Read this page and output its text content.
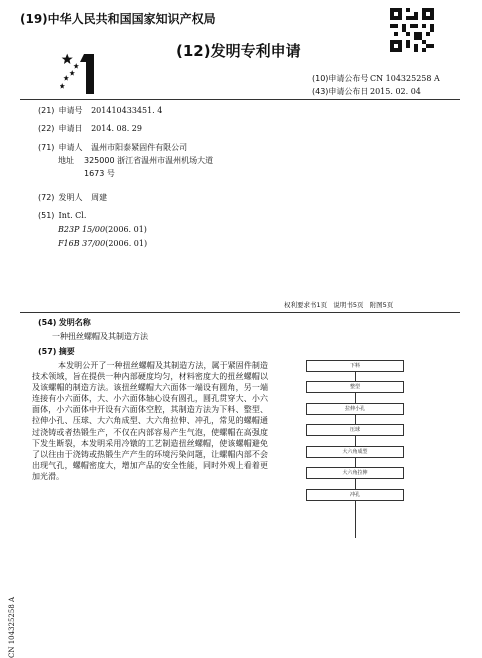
(19)中华人民共和国国家知识产权局
(12)发明专利申请
(10)申请公布号 CN 104325258 A
(43)申请公布日 2015. 02. 04
(21) 申请号 201410433451. 4
(22) 申请日 2014. 08. 29
(71) 申请人 温州市阳泰紧固件有限公司
地址 325000 浙江省温州市温州机场大道
1673 号
(72) 发明人 周建
(51) Int. Cl.
B23P 15/00(2006. 01)
F16B 37/00(2006. 01)
权利要求书1页   说明书5页   附图5页
(54) 发明名称
一种扭丝螺帽及其制造方法
(57) 摘要
本发明公开了一种扭丝螺帽及其制造方法，属于紧固件制造技术领域，旨在提供一种内部硬度均匀，材料密度大的扭丝螺帽以及该螺帽的制造方法。该扭丝螺帽大六面体一端设有圆角，另一端连接有小六面体，大、小六面体轴心设有圆孔，圆孔贯穿大、小六面体，小六面体中开设有六面体空腔，其制造方法为下料、整型、拉伸小孔、压球、大六角成型、大六角拉伸、冲孔，常见的螺帽通过浇铸或者热锻生产，不仅在内部容易产生气泡，使螺帽在高强度下发生断裂，本发明采用冷镦的工艺制造扭丝螺帽，使该螺帽避免了以往由于浇铸或热锻生产产生的环境污染问题，让螺帽内部不会出现气孔，螺帽密度大，增加产品的安全性能，同时外观上看着更加光滑。
下料
整型
拉伸小孔
压球
大六角成型
大六角拉伸
冲孔
CN 104325258 A
